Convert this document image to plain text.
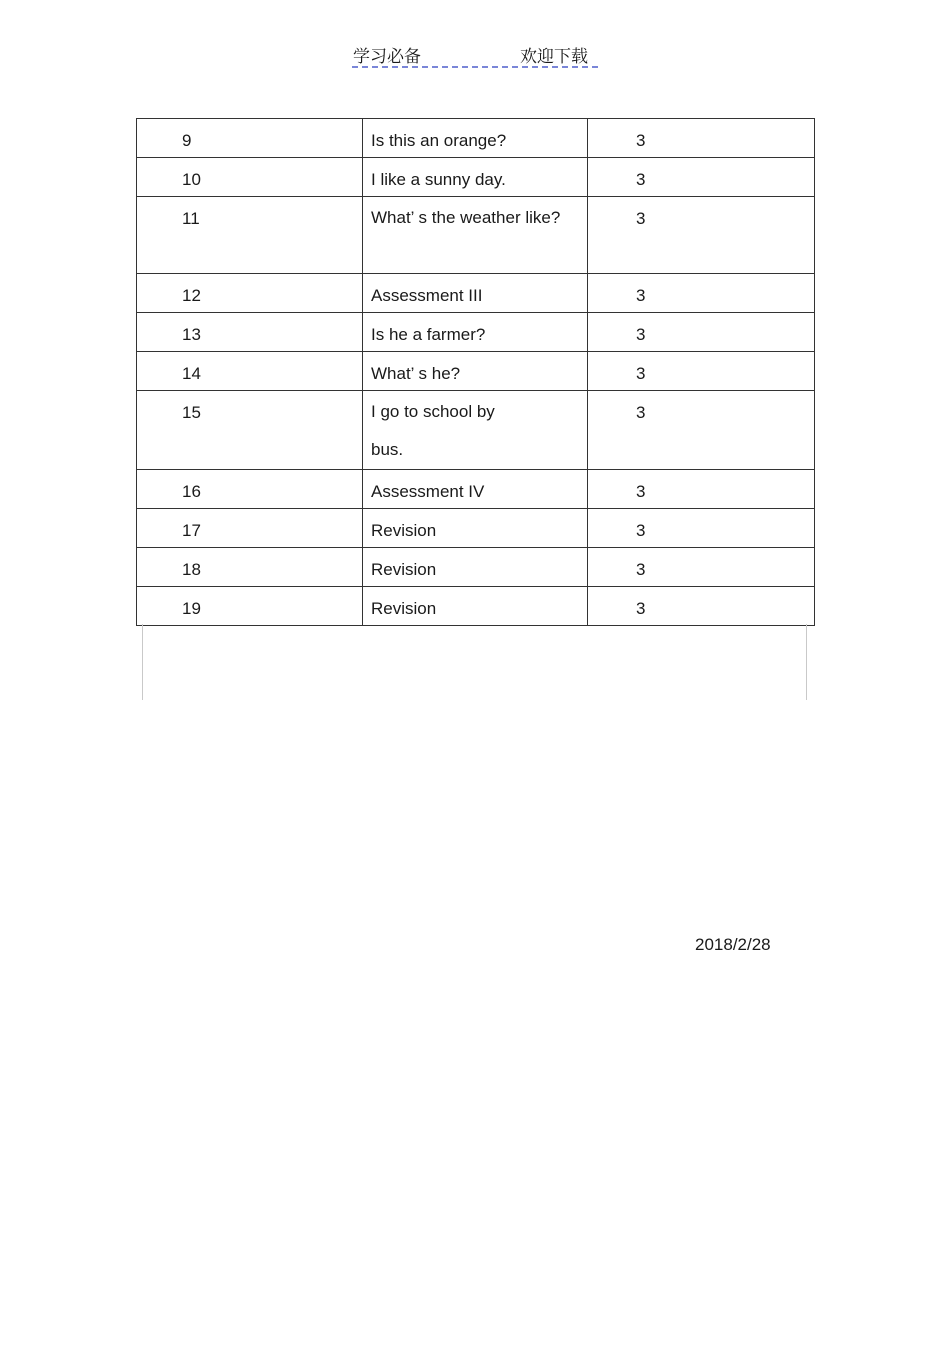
学习必备	欢迎下载
9	Is this an orange?	3

10	I like a sunny day.	3

11	What’ s the weather like?	3

12	Assessment III	3

13	Is he a farmer?	3

14	What’ s he?	3

15	I go to school by bus.	3

16	Assessment IV	3

17	Revision	3

18	Revision	3

19	Revision	3
2018/2/28
